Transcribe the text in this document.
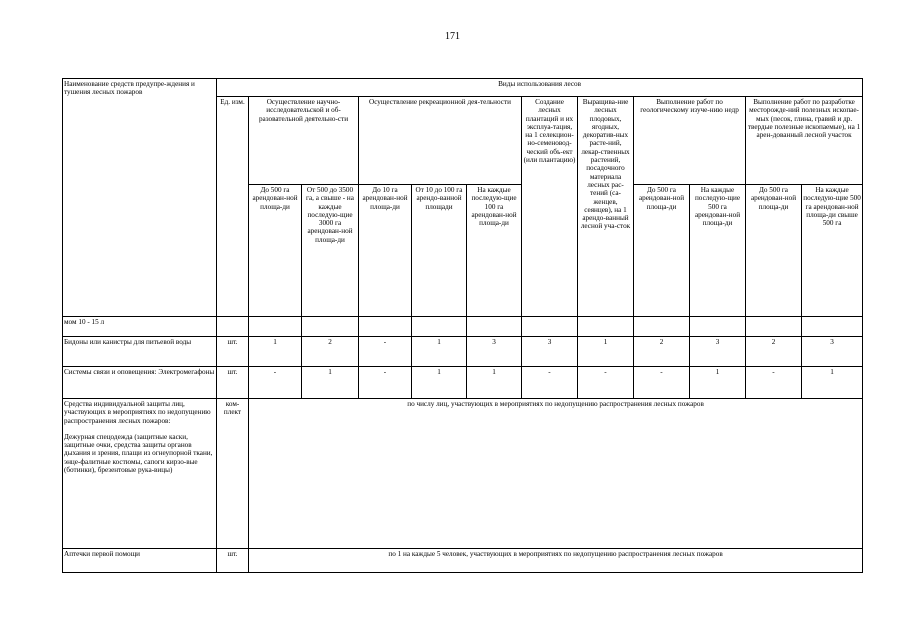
171
Наименование средств предупре-ждения и тушения лесных пожаров	Виды использования лесов											
	Ед. изм.	Осуществление научно-исследовательской и об-разовательной деятельно-сти		Осуществление рекреационной дея-тельности			Создание лесных плантаций и их эксплуа-тация, на 1 селекцион-но-семеновод-ческий объ-ект (или плантацию)	Выращива-ние лесных плодовых, ягодных, декоратив-ных расте-ний, лекар-ственных растений, посадочного материала лесных рас-тений (са-женцев, сеянцев), на 1 арендо-ванный лесной уча-сток	Выполнение работ по геологическому изуче-нию недр		Выполнение работ по разработке месторожде-ний полезных ископае-мых (песок, глина, гравий и др. твердые полезные ископаемые), на 1 арен-дованный лесной участок	
		До 500 га арендован-ной площа-ди	От 500 до 3500 га, а свыше - на каждые последую-щие 3000 га арендован-ной площа-ди	До 10 га арендован-ной площа-ди	От 10 до 100 га арендо-ванной площади	На каждые последую-щие 100 га арендован-ной площа-ди			До 500 га арендован-ной площа-ди	На каждые последую-щие 500 га арендован-ной площа-ди	До 500 га арендован-ной площа-ди	На каждые последую-щие 500 га арендован-ной площа-ди свыше 500 га
мом 10 - 15 л												
Бидоны или канистры для питьевой воды	шт.	1	2	-	1	3	3	1	2	3	2	3
Системы связи и оповещения: Электромегафоны	шт.	-	1	-	1	1	-	-	-	1	-	1
Средства индивидуальной защиты лиц, участвующих в мероприятиях по недопущению распространения лесных пожаров:
Дежурная спецодежда (защитные каски, защитные очки, средства защиты органов дыхания и зрения, плащи из огнеупорной ткани, энце-фалитные костюмы, сапоги кирзо-вые (ботинки), брезентовые рука-вицы)	ком-плект	по числу лиц, участвующих в мероприятиях по недопущению распространения лесных пожаров										
Аптечки первой помощи	шт.	по 1 на каждые 5 человек, участвующих в мероприятиях по недопущению распространения лесных пожаров										
